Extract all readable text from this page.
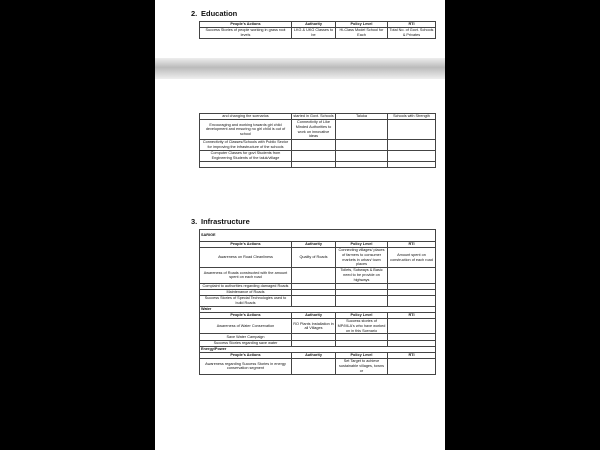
2. Education
People's Actions	Authority	Policy Level	RTI
Success Stories of people working in grass root levels	LKG & UKG Classes to be	Hi-Class Model School for Each	Total No. of Govt. Schools & Privates
and changing the scenarios	started in Govt. Schools	Taluka	Schools with Strength
Encouraging and working towards girl child development and ensuring no girl child is out of school	Connectivity of Like Minded Authorities to work on innovative ideas		
Connectivity of Classes/Schools with Public Sector for improving the infrastructure of the schools			
Computer Classes for govt Students from Engineering Students of the taluk/village			

3. Infrastructure
SARIGE			
People's Actions	Authority	Policy Level	RTI
Awareness on Road Cleanliness	Quality of Roads	Connecting villages/ places of farmers to consumer markets in urban/ town places	Amount spent on construction of each road
Awareness of Roads constructed with the amount spent on each road		Toilets, Subways & Basic need to be provide on highways	
Complaint to authorities regarding damaged Roads			
Maintenance of Roads			
Success Stories of Special Technologies used to build Roads			
Water			
People's Actions	Authority	Policy Level	RTI
Awareness of Water Conservation	RO Plants Installation in all Villages	Success stories of MP/MLA's who have worked on in this Scenario	
Save Water Campaign			
Success Stories regarding save water			
Energy/Power			
People's Actions	Authority	Policy Level	RTI
Awareness regarding Success Stories in energy conservation segment		Set Target to achieve sustainable villages, towns or	
